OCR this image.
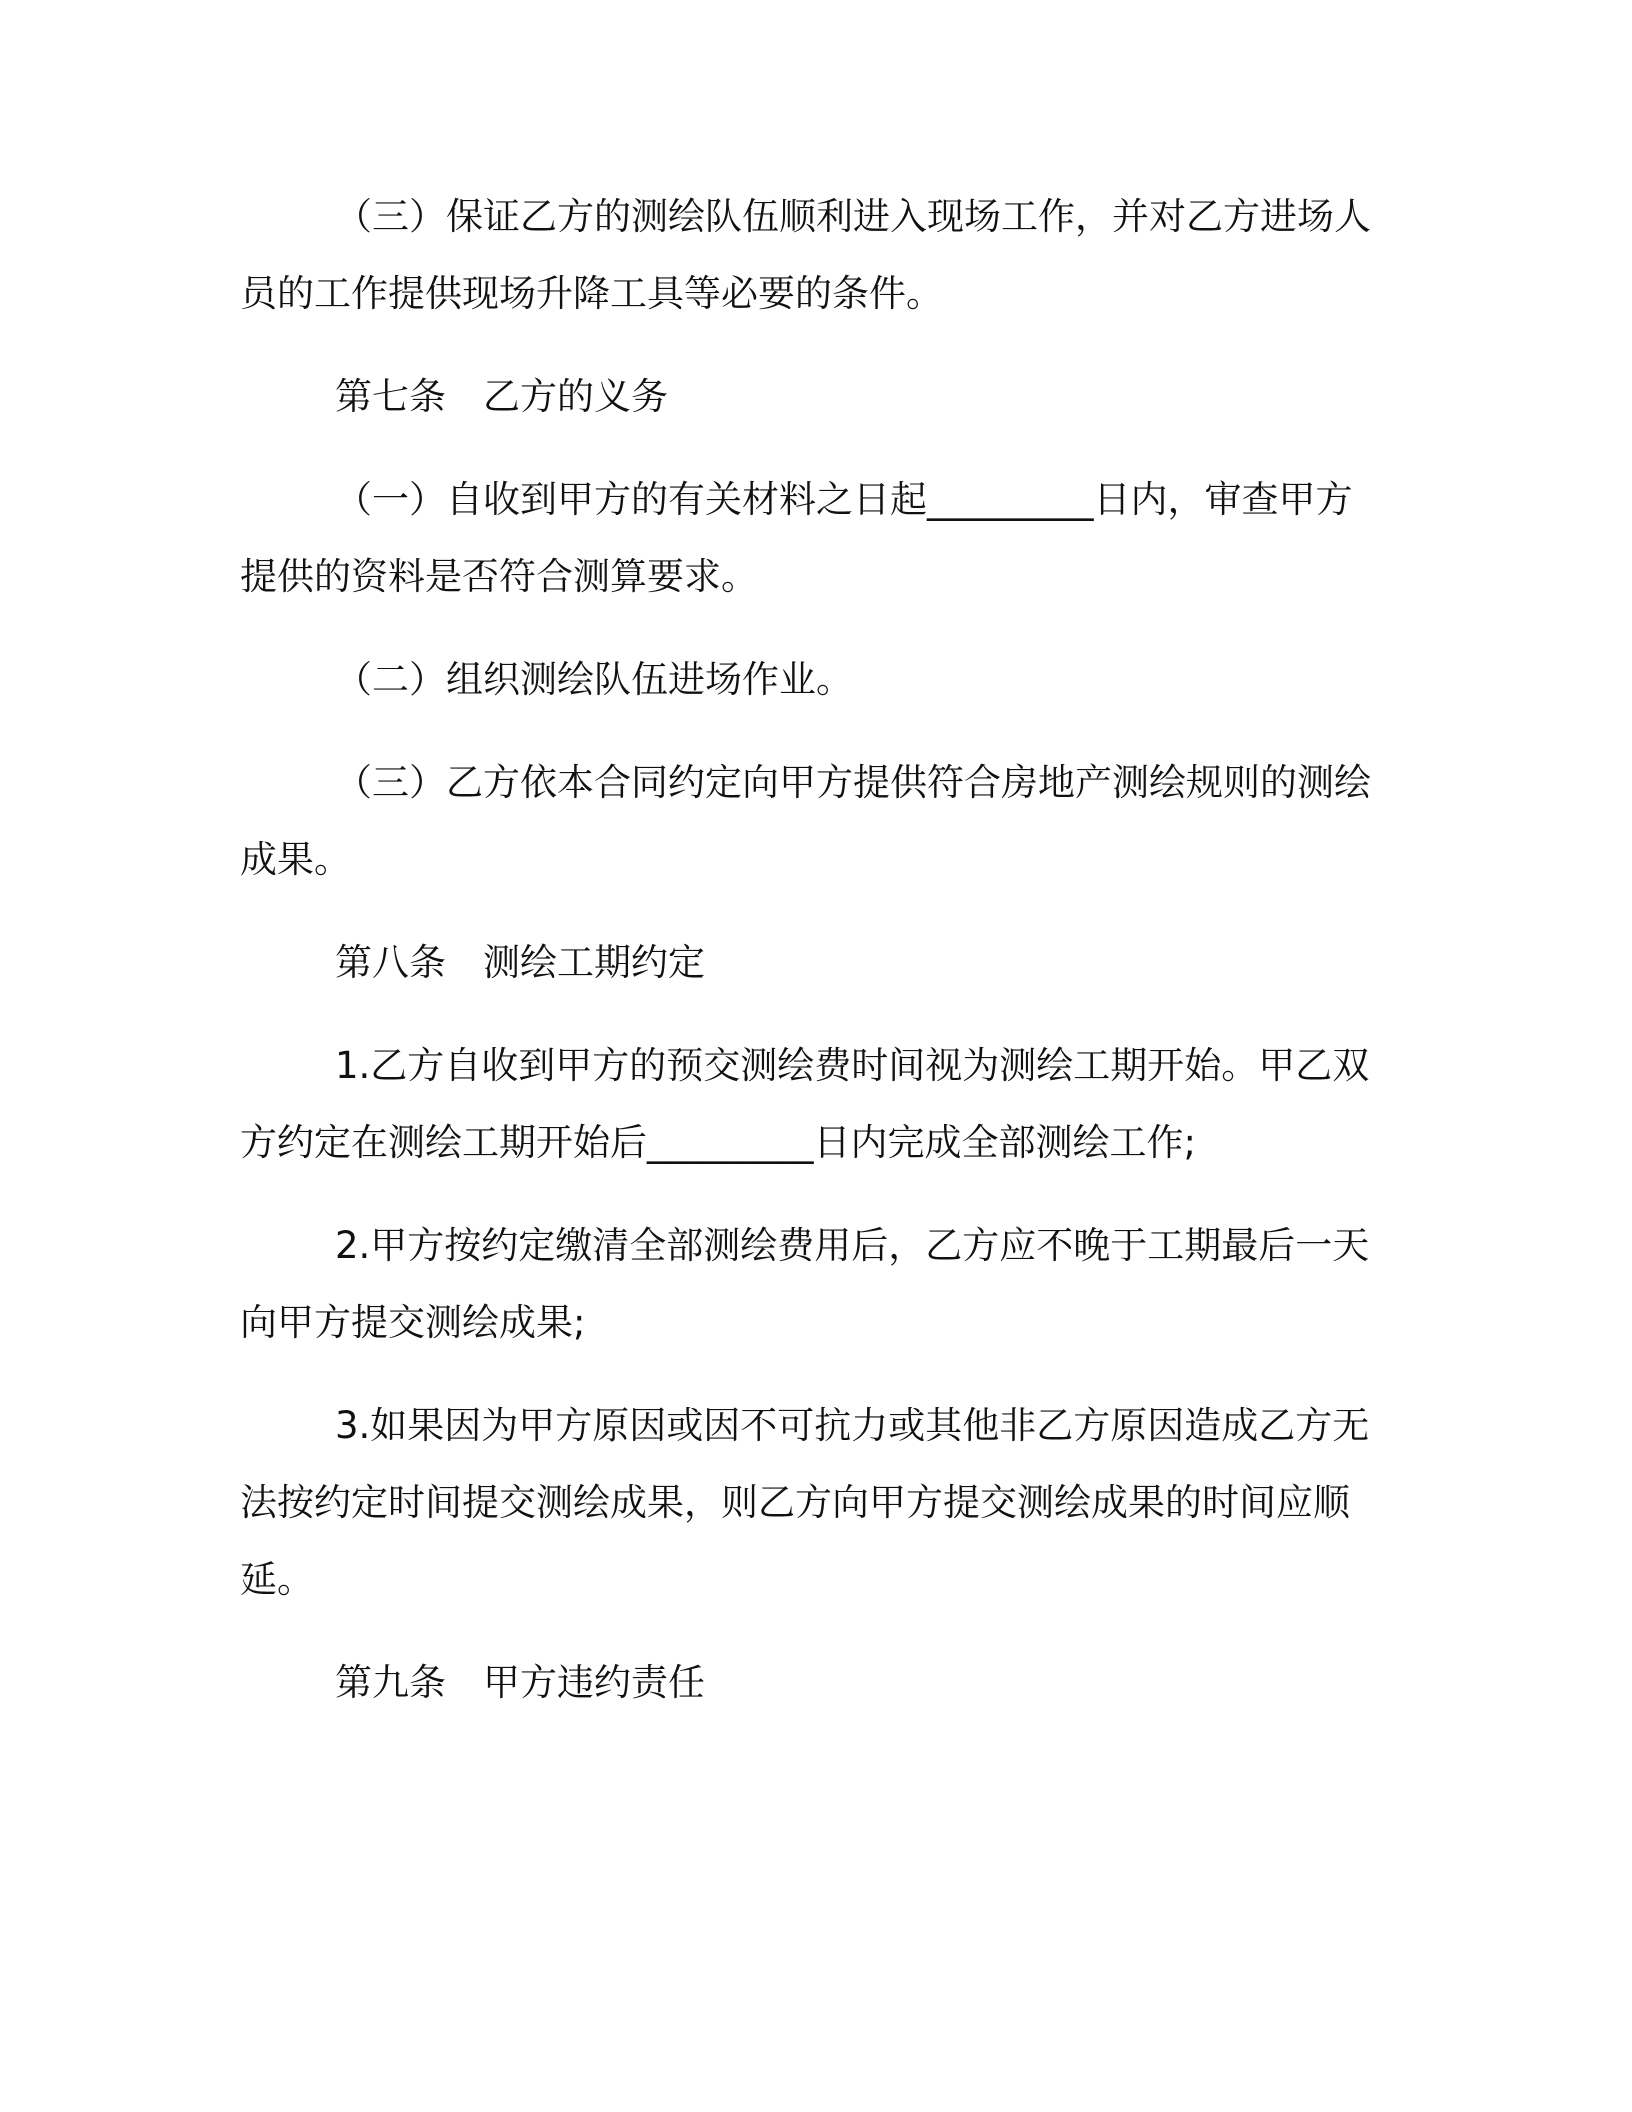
（三）保证乙方的测绘队伍顺利进入现场工作，并对乙方进场人
员的工作提供现场升降工具等必要的条件。
第七条　乙方的义务
（一）自收到甲方的有关材料之日起_________日内，审查甲方
提供的资料是否符合测算要求。
（二）组织测绘队伍进场作业。
（三）乙方依本合同约定向甲方提供符合房地产测绘规则的测绘
成果。
第八条　测绘工期约定
1.乙方自收到甲方的预交测绘费时间视为测绘工期开始。甲乙双
方约定在测绘工期开始后_________日内完成全部测绘工作;
2.甲方按约定缴清全部测绘费用后，乙方应不晚于工期最后一天
向甲方提交测绘成果;
3.如果因为甲方原因或因不可抗力或其他非乙方原因造成乙方无
法按约定时间提交测绘成果，则乙方向甲方提交测绘成果的时间应顺
延。
第九条　甲方违约责任
